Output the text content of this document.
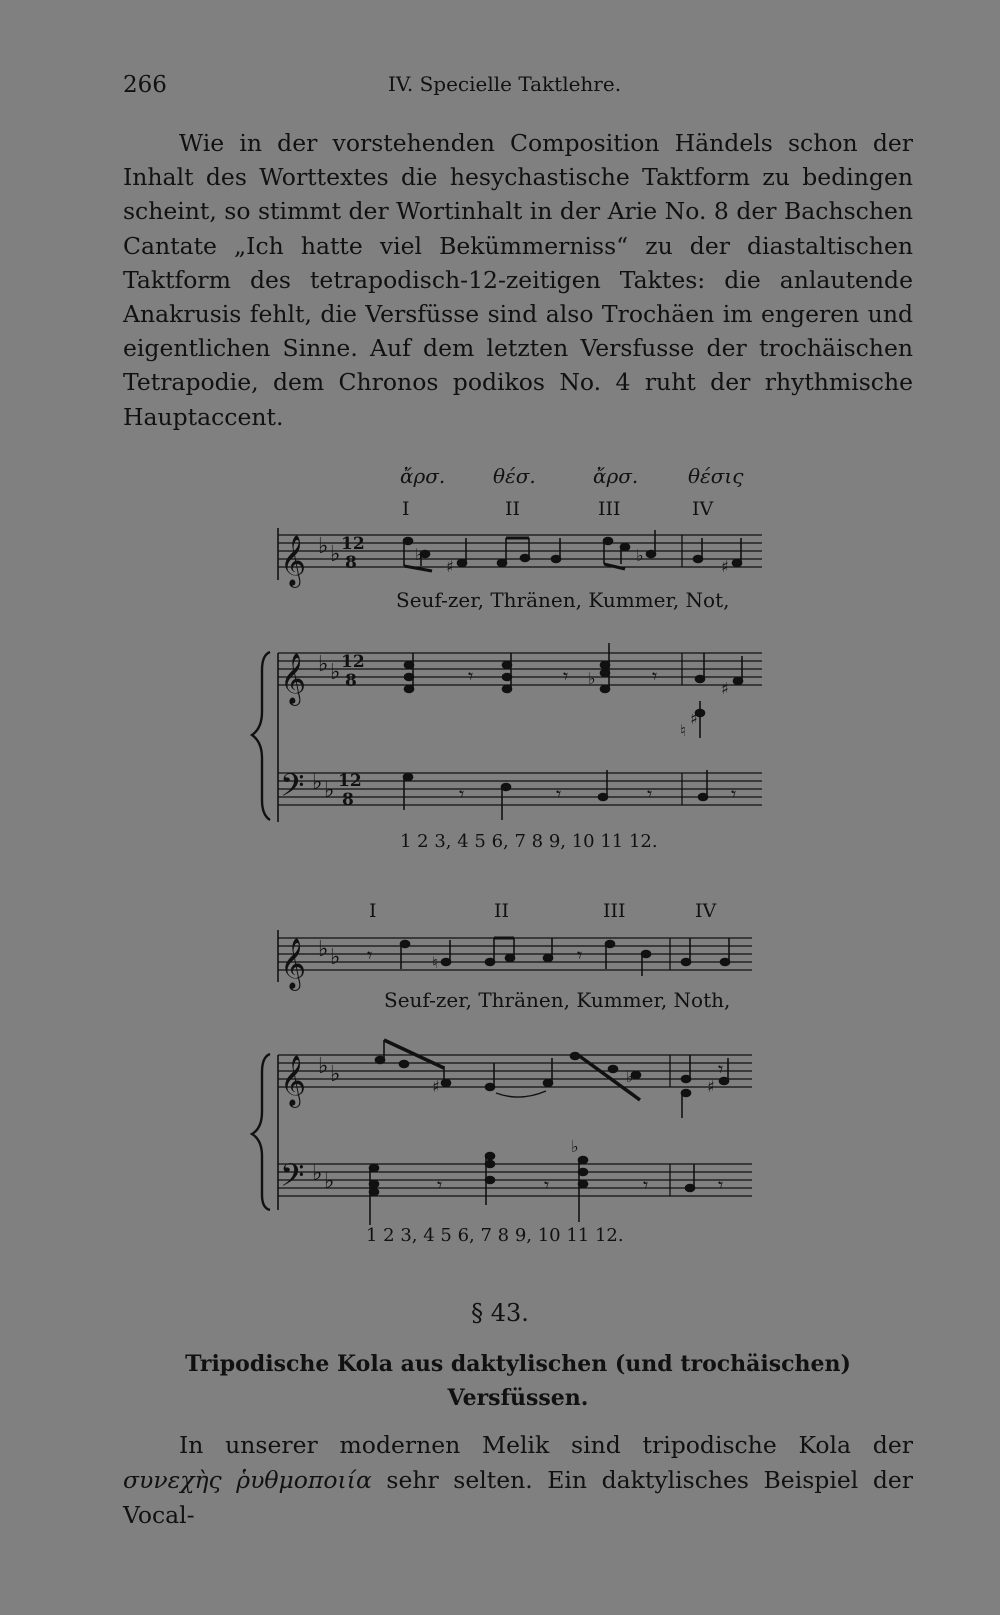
266	IV. Specielle Taktlehre.
Wie in der vorstehenden Composition Händels schon der Inhalt des Worttextes die hesychastische Taktform zu bedingen scheint, so stimmt der Wortinhalt in der Arie No. 8 der Bachschen Cantate „Ich hatte viel Bekümmerniss“ zu der diastaltischen Taktform des tetrapodisch-12-zeitigen Taktes: die anlautende Anakrusis fehlt, die Versfüsse sind also Trochäen im engeren und eigentlichen Sinne. Auf dem letzten Versfusse der trochäischen Tetrapodie, dem Chronos podikos No. 4 ruht der rhythmische Hauptaccent.
ἄρσ. θέσ.	ἄρσ. θέσις
I	II	III	IV
𝄞 ♭ ♭ 12
8	♭
♯
♭
♯
Seuf-zer, Thränen, Kummer, Not,
𝄞 ♭ ♭ 12
8	𝄾	𝄾	𝄾
♭
♯
♮
♯
𝄢 ♭ ♭ 12
8	𝄾	𝄾	𝄾	𝄾
1 2 3, 4 5 6, 7 8 9, 10 11 12.
I	II	III	IV
𝄞 ♭ ♭ 𝄾	𝄾
♮
Seuf-zer, Thränen, Kummer, Noth,
𝄞 ♭ ♭	♯
♭
♯
𝄾
𝄢 ♭ ♭
♭
𝄾	𝄾	𝄾	𝄾
1 2 3, 4 5 6, 7 8 9, 10 11 12.
§ 43.
Tripodische Kola aus daktylischen (und trochäischen) Versfüssen.
In unserer modernen Melik sind tripodische Kola der συνεχὴς ῥυθμοποιία sehr selten. Ein daktylisches Beispiel der Vocal-
